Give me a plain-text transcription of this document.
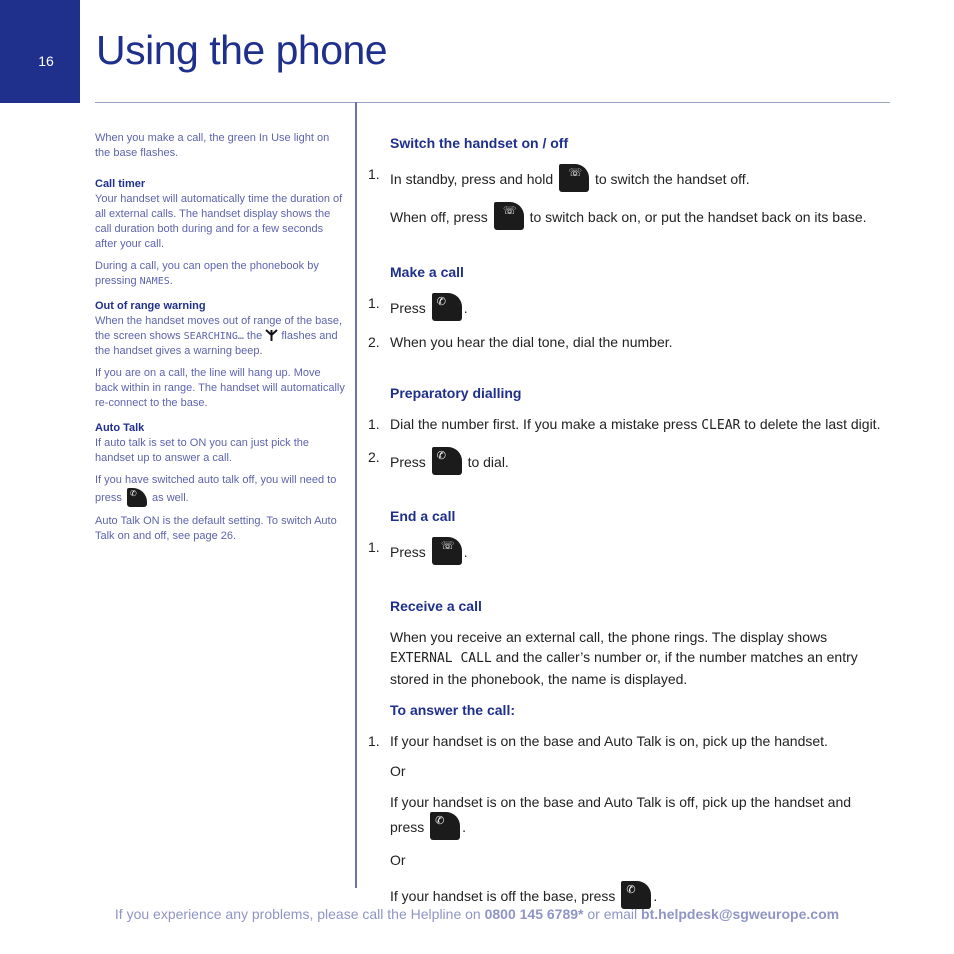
16	Using the phone

When you make a call, the green In Use light on the base flashes.

Call timer

Your handset will automatically time the duration of all external calls. The handset display shows the call duration both during and for a few seconds after your call.

During a call, you can open the phonebook by pressing NAMES.

Out of range warning

When the handset moves out of range of the base, the screen shows SEARCHING… the  flashes and the handset gives a warning beep.

If you are on a call, the line will hang up. Move back within in range. The handset will automatically re-connect to the base.

Auto Talk

If auto talk is set to ON you can just pick the handset up to answer a call.

If you have switched auto talk off, you will need to press ✆ as well.

Auto Talk ON is the default setting. To switch Auto Talk on and off, see page 26.

Switch the handset on / off
1. In standby, press and hold ☏ to switch the handset off.
When off, press ☏ to switch back on, or put the handset back on its base.
Make a call
1. Press ✆ .
2. When you hear the dial tone, dial the number.
Preparatory dialling
1. Dial the number first. If you make a mistake press CLEAR to delete the last digit.
2. Press ✆ to dial.
End a call
1. Press ☏ .
Receive a call
When you receive an external call, the phone rings. The display shows EXTERNAL CALL and the caller’s number or, if the number matches an entry stored in the phonebook, the name is displayed.
To answer the call:
1. If your handset is on the base and Auto Talk is on, pick up the handset.
Or
If your handset is on the base and Auto Talk is off, pick up the handset and press ✆ .
Or
If your handset is off the base, press ✆ .
If you experience any problems, please call the Helpline on 0800 145 6789* or email bt.helpdesk@sgweurope.com
